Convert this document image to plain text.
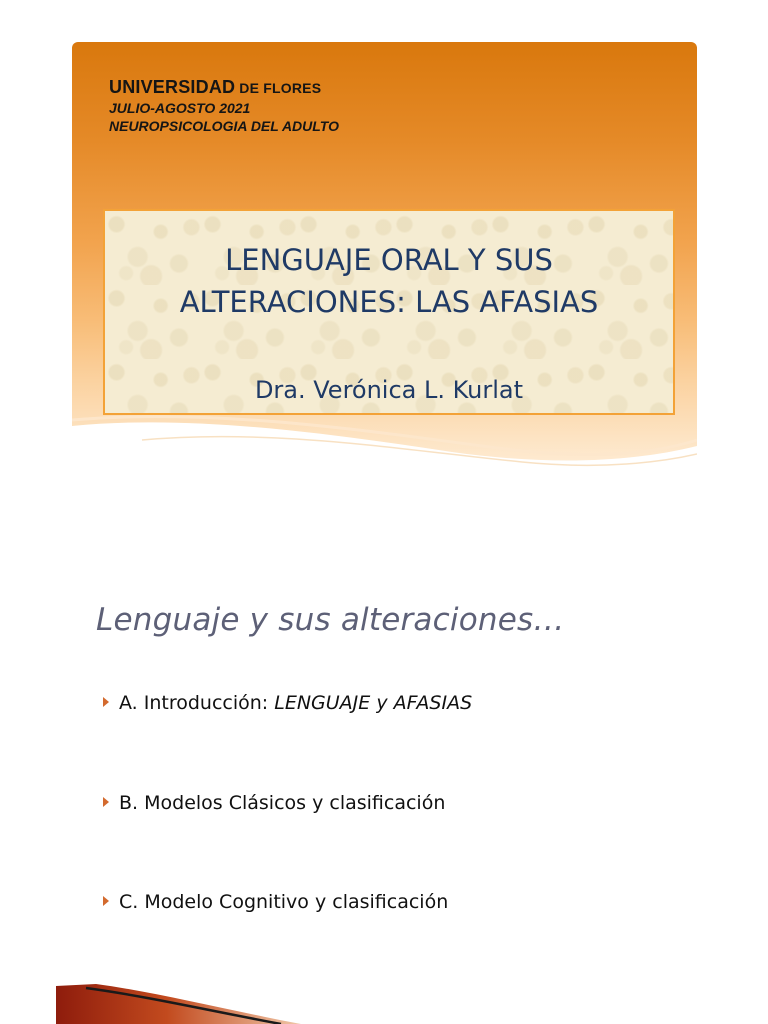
UNIVERSIDAD DE FLORES
JULIO-AGOSTO 2021
NEUROPSICOLOGIA DEL ADULTO
LENGUAJE ORAL Y SUS
ALTERACIONES: LAS AFASIAS
Dra. Verónica L. Kurlat
Lenguaje y sus alteraciones…
A. Introducción: LENGUAJE y AFASIAS
B. Modelos Clásicos y clasificación
C. Modelo Cognitivo y clasificación
